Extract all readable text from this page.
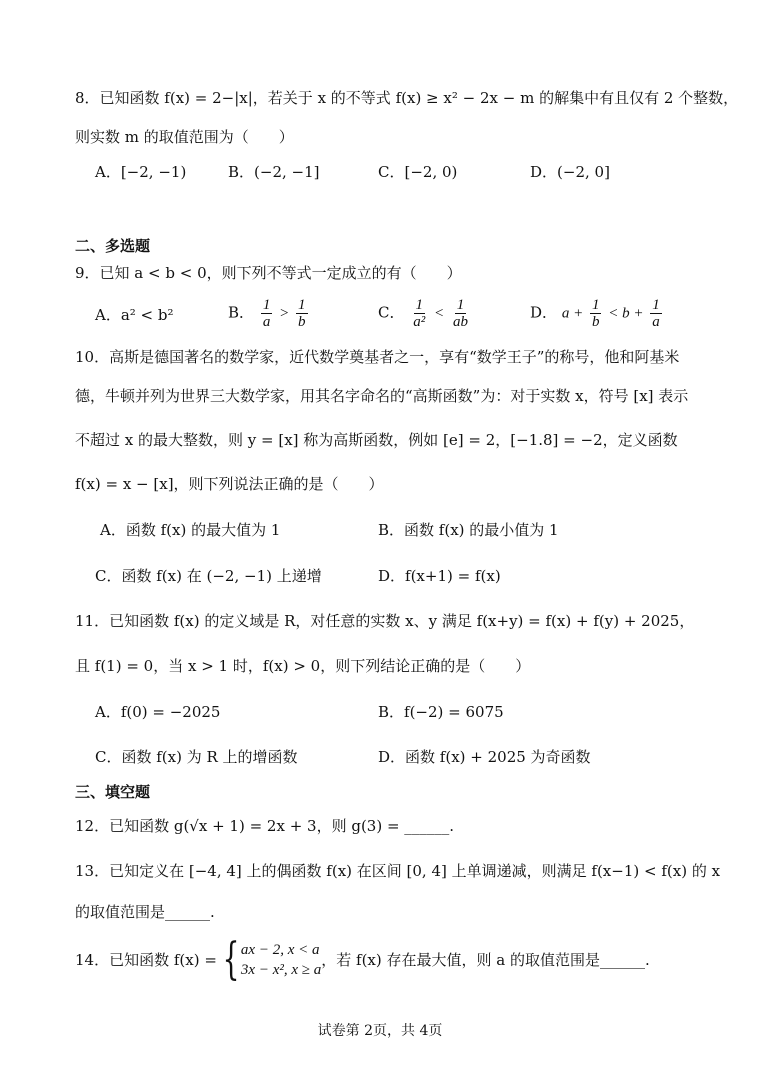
8．已知函数 f(x) = 2−|x|，若关于 x 的不等式 f(x) ≥ x² − 2x − m 的解集中有且仅有 2 个整数，
则实数 m 的取值范围为（　　）
A．[−2, −1)	B．(−2, −1]	C．[−2, 0)	D．(−2, 0]
二、多选题
9．已知 a < b < 0，则下列不等式一定成立的有（　　）
A．a² < b²	B． $\frac{1}{a} > \frac{1}{b}$	C． $\frac{1}{\text{a²}} < \frac{1}{ab}$	D． $a + \frac{1}{b} < b + \frac{1}{a}$
10．高斯是德国著名的数学家，近代数学奠基者之一，享有“数学王子”的称号，他和阿基米
德，牛顿并列为世界三大数学家，用其名字命名的“高斯函数”为：对于实数 x，符号 [x] 表示
不超过 x 的最大整数，则 y = [x] 称为高斯函数，例如 [e] = 2，[−1.8] = −2，定义函数
f(x) = x − [x]，则下列说法正确的是（　　）
A．函数 f(x) 的最大值为 1	B．函数 f(x) 的最小值为 1
C．函数 f(x) 在 (−2, −1) 上递增	D．f(x+1) = f(x)
11．已知函数 f(x) 的定义域是 R，对任意的实数 x、y 满足 f(x+y) = f(x) + f(y) + 2025，
且 f(1) = 0，当 x > 1 时，f(x) > 0，则下列结论正确的是（　　）
A．f(0) = −2025	B．f(−2) = 6075
C．函数 f(x) 为 R 上的增函数	D．函数 f(x) + 2025 为奇函数
三、填空题
12．已知函数 g(√x + 1) = 2x + 3，则 g(3) = ______.
13．已知定义在 [−4, 4] 上的偶函数 f(x) 在区间 [0, 4] 上单调递减，则满足 f(x−1) < f(x) 的 x
的取值范围是______.
14．已知函数 f(x) = { ax − 2, x < a
3x − x², x ≥ a
，若 f(x) 存在最大值，则 a 的取值范围是______.
试卷第 2页，共 4页
